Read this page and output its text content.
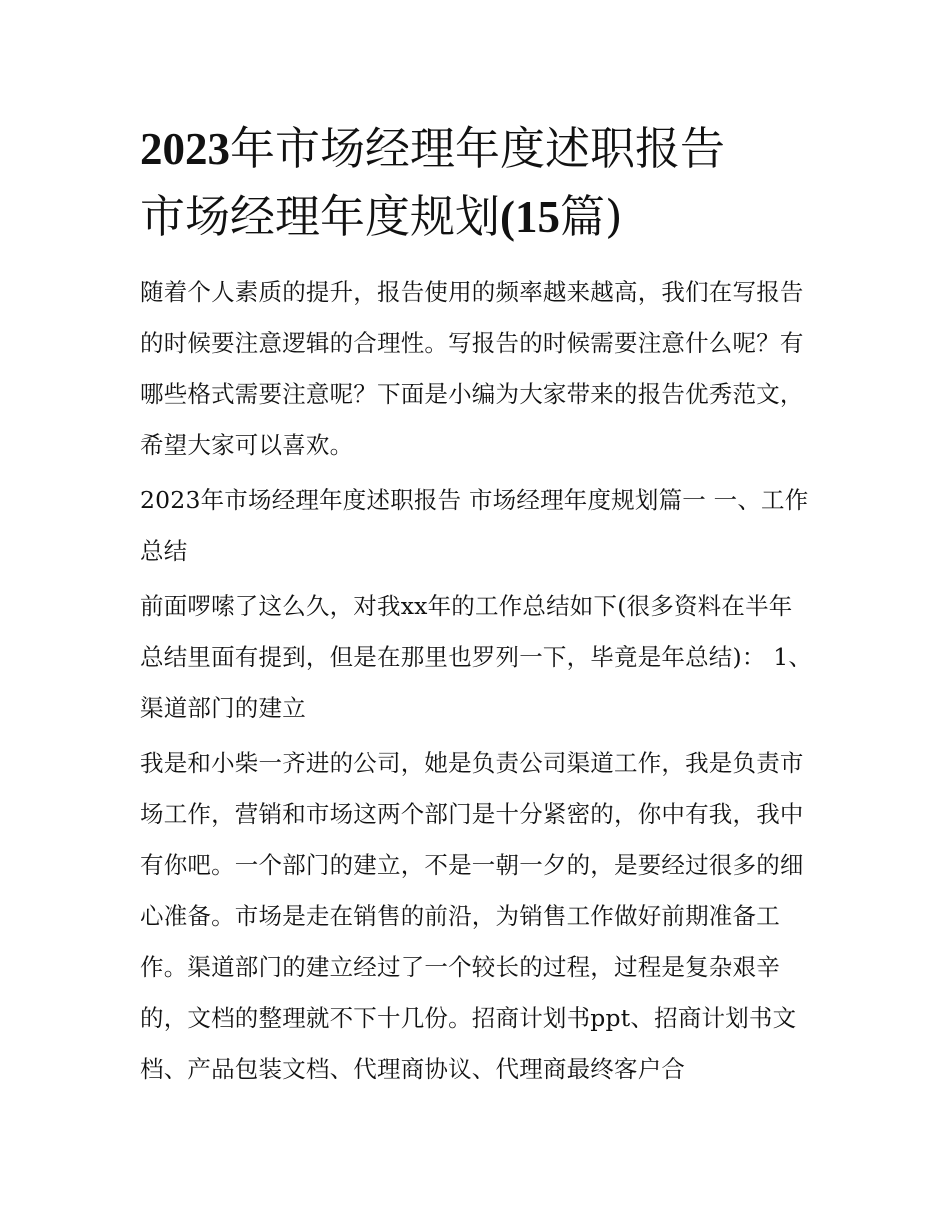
2023年市场经理年度述职报告
市场经理年度规划(15篇)

随着个人素质的提升，报告使用的频率越来越高，我们在写报告的时候要注意逻辑的合理性。写报告的时候需要注意什么呢？有哪些格式需要注意呢？下面是小编为大家带来的报告优秀范文，希望大家可以喜欢。

2023年市场经理年度述职报告 市场经理年度规划篇一 一、工作总结

前面啰嗦了这么久，对我xx年的工作总结如下(很多资料在半年总结里面有提到，但是在那里也罗列一下，毕竟是年总结)： 1、渠道部门的建立

我是和小柴一齐进的公司，她是负责公司渠道工作，我是负责市场工作，营销和市场这两个部门是十分紧密的，你中有我，我中有你吧。一个部门的建立，不是一朝一夕的，是要经过很多的细心准备。市场是走在销售的前沿，为销售工作做好前期准备工作。渠道部门的建立经过了一个较长的过程，过程是复杂艰辛的，文档的整理就不下十几份。招商计划书ppt、招商计划书文档、产品包装文档、代理商协议、代理商最终客户合
